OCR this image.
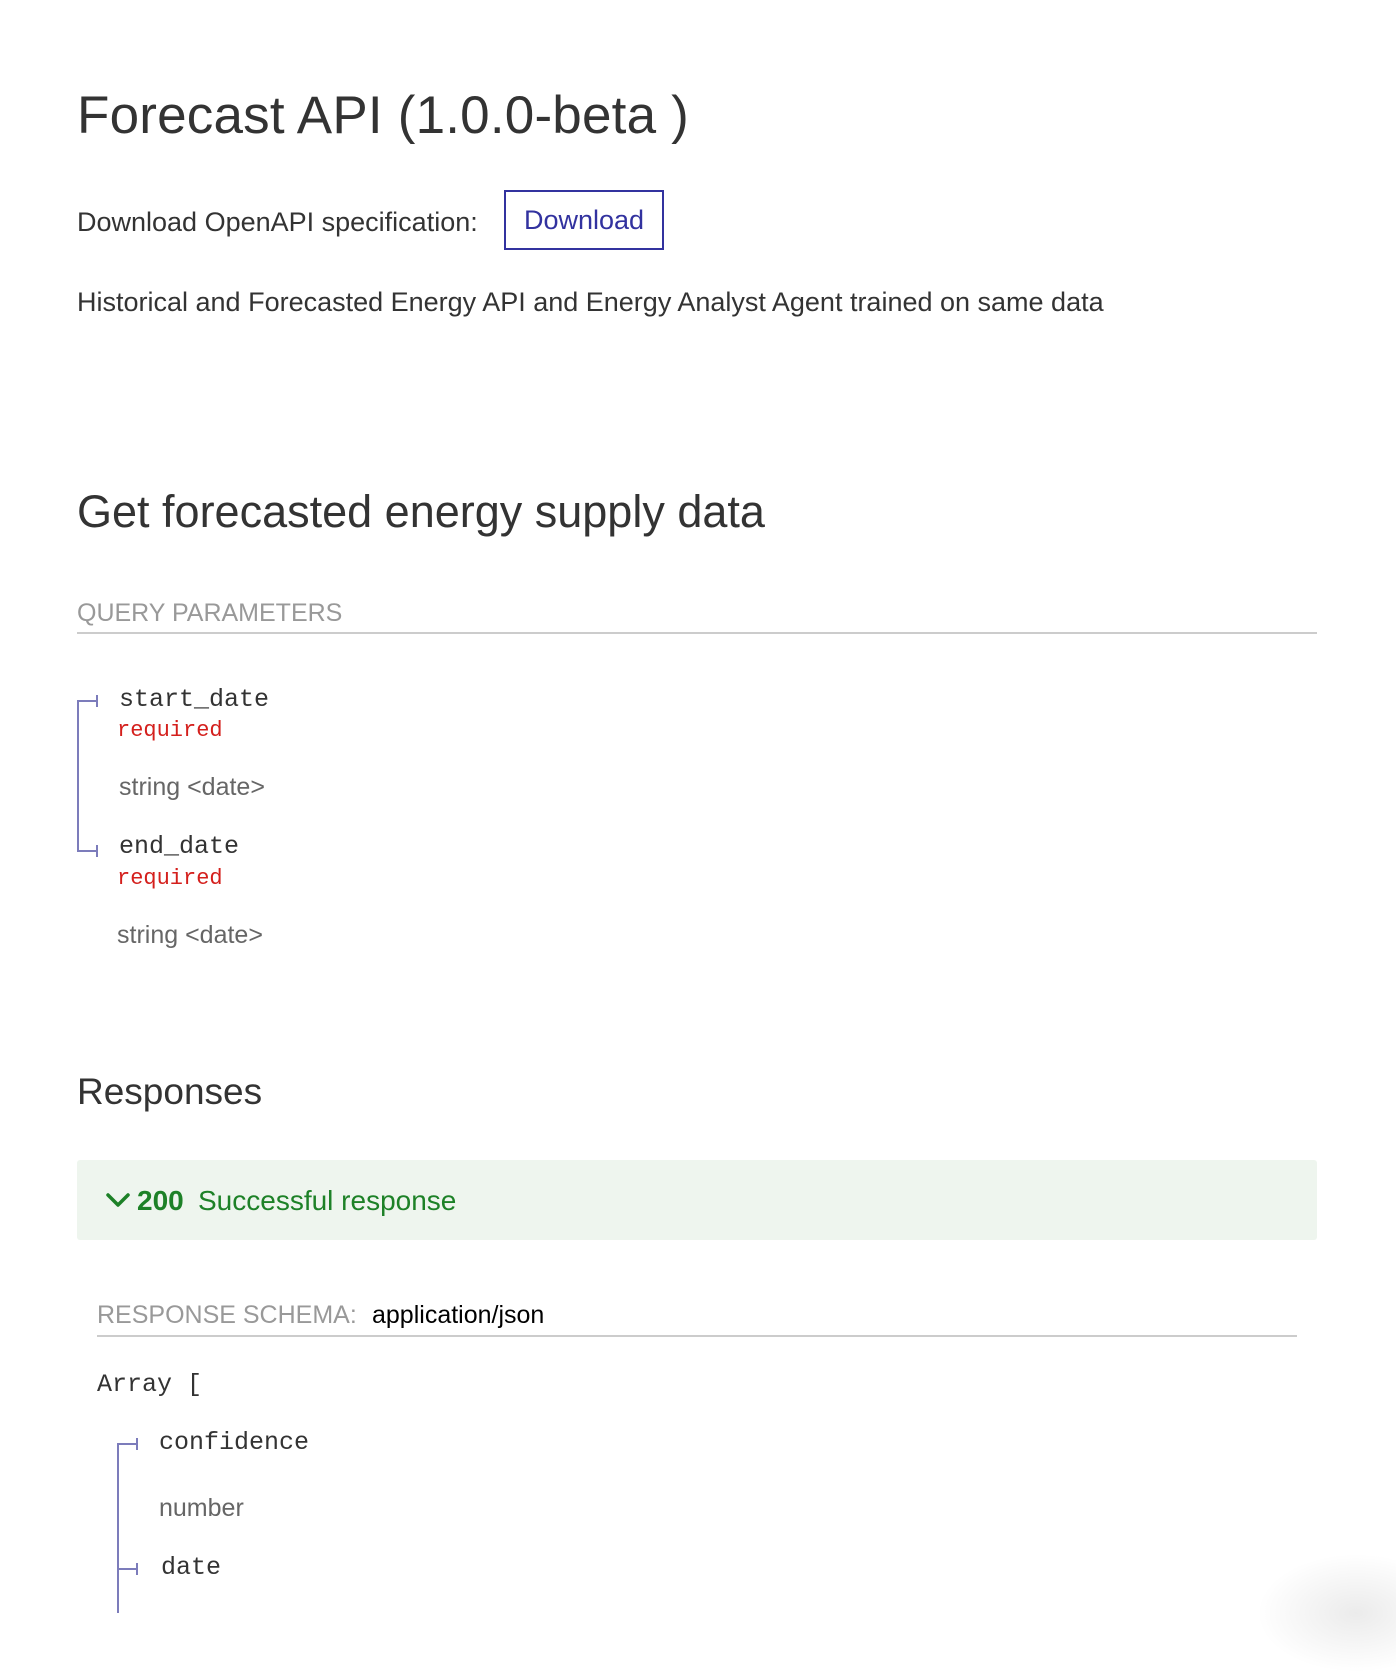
Forecast API (1.0.0-beta )
Download OpenAPI specification:	Download
Historical and Forecasted Energy API and Energy Analyst Agent trained on same data
Get forecasted energy supply data
QUERY PARAMETERS
start_date
required
string <date>
end_date
required
string <date>
Responses
200 Successful response
RESPONSE SCHEMA: application/json
Array [
confidence
number
date
